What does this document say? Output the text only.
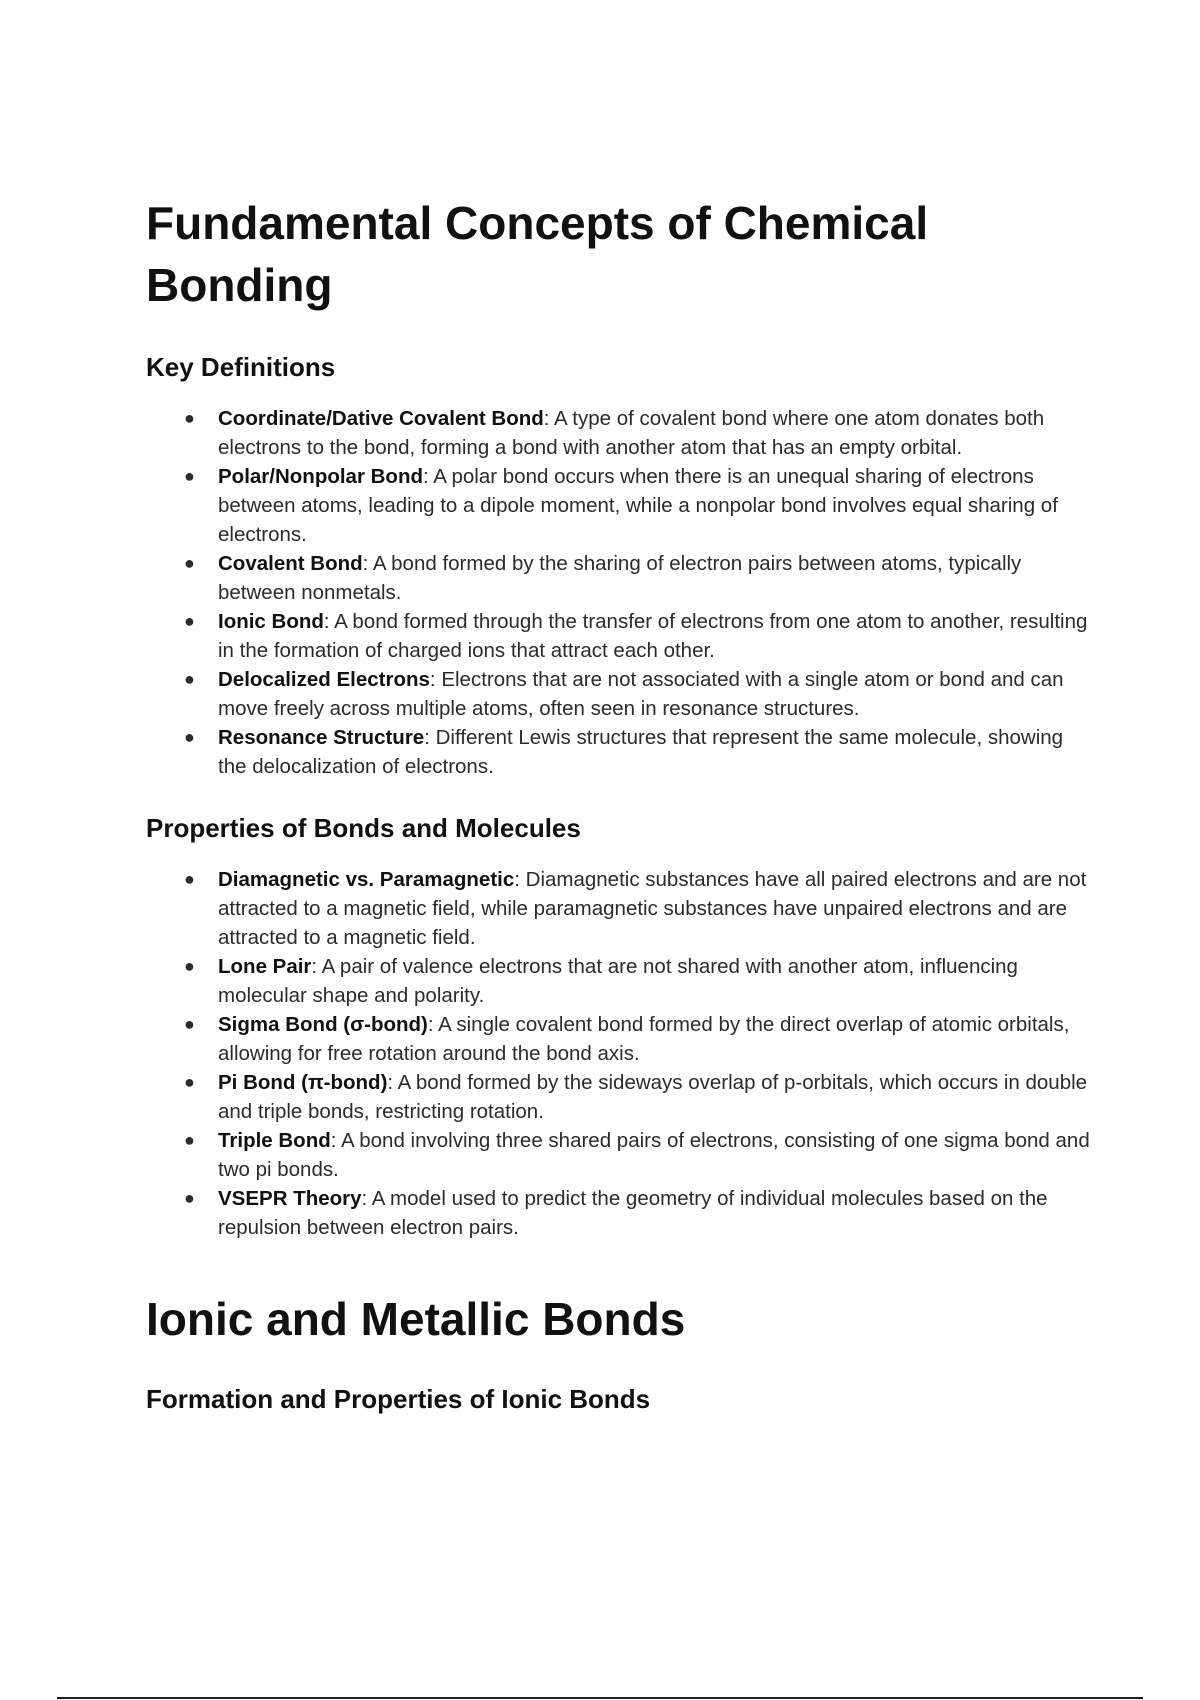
Fundamental Concepts of Chemical Bonding
Key Definitions
● Coordinate/Dative Covalent Bond: A type of covalent bond where one atom donates both electrons to the bond, forming a bond with another atom that has an empty orbital.
● Polar/Nonpolar Bond: A polar bond occurs when there is an unequal sharing of electrons between atoms, leading to a dipole moment, while a nonpolar bond involves equal sharing of electrons.
● Covalent Bond: A bond formed by the sharing of electron pairs between atoms, typically between nonmetals.
● Ionic Bond: A bond formed through the transfer of electrons from one atom to another, resulting in the formation of charged ions that attract each other.
● Delocalized Electrons: Electrons that are not associated with a single atom or bond and can move freely across multiple atoms, often seen in resonance structures.
● Resonance Structure: Different Lewis structures that represent the same molecule, showing the delocalization of electrons.
Properties of Bonds and Molecules
● Diamagnetic vs. Paramagnetic: Diamagnetic substances have all paired electrons and are not attracted to a magnetic field, while paramagnetic substances have unpaired electrons and are attracted to a magnetic field.
● Lone Pair: A pair of valence electrons that are not shared with another atom, influencing molecular shape and polarity.
● Sigma Bond (σ-bond): A single covalent bond formed by the direct overlap of atomic orbitals, allowing for free rotation around the bond axis.
● Pi Bond (π-bond): A bond formed by the sideways overlap of p-orbitals, which occurs in double and triple bonds, restricting rotation.
● Triple Bond: A bond involving three shared pairs of electrons, consisting of one sigma bond and two pi bonds.
● VSEPR Theory: A model used to predict the geometry of individual molecules based on the repulsion between electron pairs.
Ionic and Metallic Bonds
Formation and Properties of Ionic Bonds
